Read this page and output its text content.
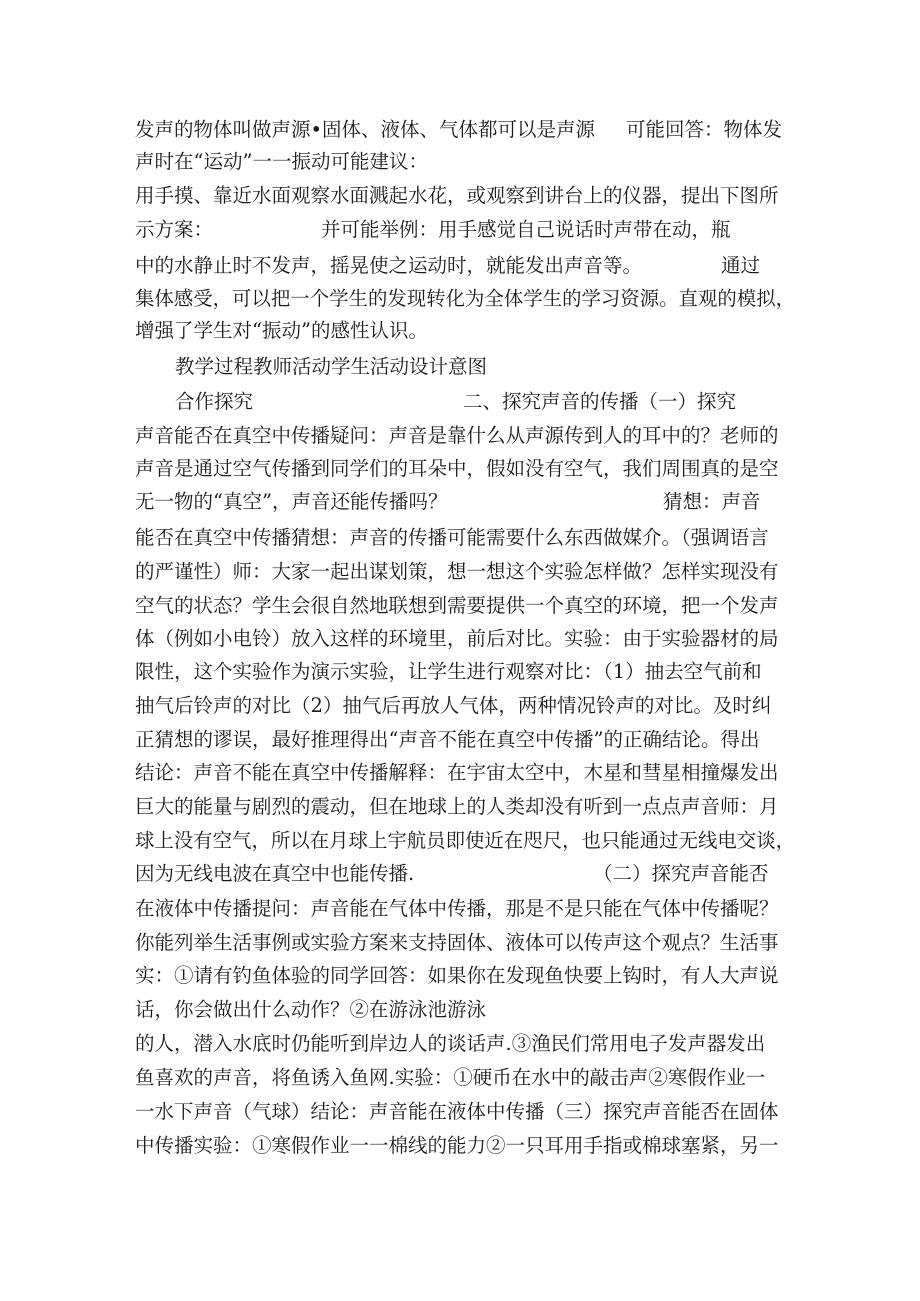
发声的物体叫做声源•固体、液体、气体都可以是声源 可能回答：物体发
声时在“运动”一一振动可能建议：
用手摸、靠近水面观察水面溅起水花，或观察到讲台上的仪器，提出下图所
示方案：	并可能举例：用手感觉自己说话时声带在动，瓶
中的水静止时不发声，摇晃使之运动时，就能发出声音等。	通过
集体感受，可以把一个学生的发现转化为全体学生的学习资源。直观的模拟，
增强了学生对“振动”的感性认识。
教学过程教师活动学生活动设计意图
合作探究	二、探究声音的传播（一）探究
声音能否在真空中传播疑问：声音是靠什么从声源传到人的耳中的？老师的
声音是通过空气传播到同学们的耳朵中，假如没有空气，我们周围真的是空
无一物的“真空”，声音还能传播吗？	猜想：声音
能否在真空中传播猜想：声音的传播可能需要什么东西做媒介。（强调语言
的严谨性）师：大家一起出谋划策，想一想这个实验怎样做？怎样实现没有
空气的状态？学生会很自然地联想到需要提供一个真空的环境，把一个发声
体（例如小电铃）放入这样的环境里，前后对比。实验：由于实验器材的局
限性，这个实验作为演示实验，让学生进行观察对比：（1）抽去空气前和
抽气后铃声的对比（2）抽气后再放人气体，两种情况铃声的对比。及时纠
正猜想的谬误，最好推理得出“声音不能在真空中传播”的正确结论。得出
结论：声音不能在真空中传播解释：在宇宙太空中，木星和彗星相撞爆发出
巨大的能量与剧烈的震动，但在地球上的人类却没有听到一点点声音师：月
球上没有空气，所以在月球上宇航员即使近在咫尺，也只能通过无线电交谈，
因为无线电波在真空中也能传播.	（二）探究声音能否
在液体中传播提问：声音能在气体中传播，那是不是只能在气体中传播呢？
你能列举生活事例或实验方案来支持固体、液体可以传声这个观点？生活事
实：①请有钓鱼体验的同学回答：如果你在发现鱼快要上钩时，有人大声说
话，你会做出什么动作？②在游泳池游泳
的人，潜入水底时仍能听到岸边人的谈话声.③渔民们常用电子发声器发出
鱼喜欢的声音，将鱼诱入鱼网.实验：①硬币在水中的敲击声②寒假作业一
一水下声音（气球）结论：声音能在液体中传播（三）探究声音能否在固体
中传播实验：①寒假作业一一棉线的能力②一只耳用手指或棉球塞紧，另一
